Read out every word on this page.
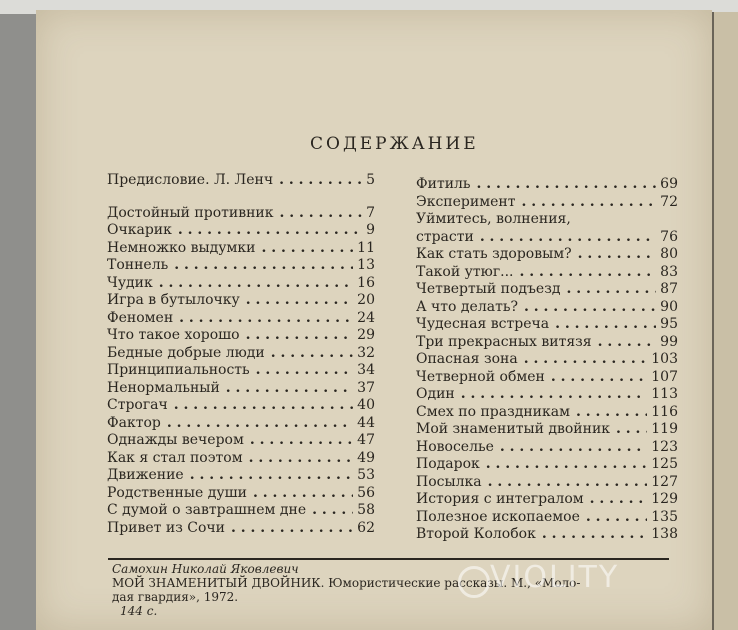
СОДЕРЖАНИЕ
Предисловие. Л. Ленч . . .	5
Достойный противник . . .	7
Очкарик . . .	9
Немножко выдумки . . .	11
Тоннель . . .	13
Чудик . . .	16
Игра в бутылочку . . .	20
Феномен . . .	24
Что такое хорошо . . .	29
Бедные добрые люди . . .	32
Принципиальность . . .	34
Ненормальный . . .	37
Строгач . . .	40
Фактор . . .	44
Однажды вечером . . .	47
Как я стал поэтом . . .	49
Движение . . .	53
Родственные души . . .	56
С думой о завтрашнем дне . . .	58
Привет из Сочи . . .	62
Фитиль . . .	69
Эксперимент . . .	72
Уймитесь, волнения,
страсти . . .	76
Как стать здоровым? . . .	80
Такой утюг... . . .	83
Четвертый подъезд . . .	87
А что делать? . . .	90
Чудесная встреча . . .	95
Три прекрасных витязя . . .	99
Опасная зона . . .	103
Четверной обмен . . .	107
Один . . .	113
Смех по праздникам . . .	116
Мой знаменитый двойник . . .	119
Новоселье . . .	123
Подарок . . .	125
Посылка . . .	127
История с интегралом . . .	129
Полезное ископаемое . . .	135
Второй Колобок . . .	138
Самохин Николай Яковлевич
МОЙ ЗНАМЕНИТЫЙ ДВОЙНИК. Юмористические рассказы. М., «Моло-
дая гвардия», 1972.
144 с.
VIOLITY
